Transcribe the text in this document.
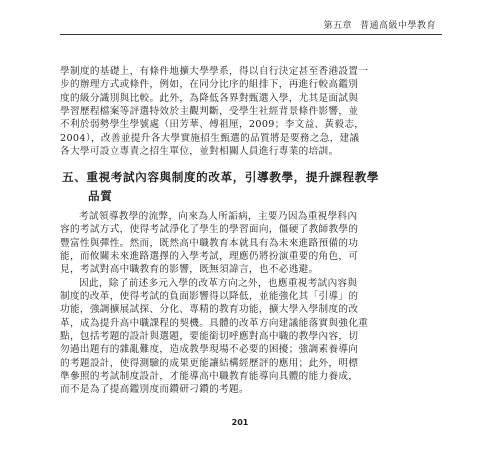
第五章 普通高級中學教育
學制度的基礎上，有條件地擴大學學系，得以自行決定甚至香港設置一
步的辦理方式或條件，例如，在同分比序的組排下，再進行較高鑑別
度的級分識別與比較。此外，為降低各界對甄選入學，尤其是面試與
學習歷程檔案等評選特效於主觀判斷，受學生社經背景條件影響，並
不利於弱勢學生學號處（田芳華、傅祖厘，2009；李文益、黃毅志，
2004），改善並提升各大學實施招生甄選的品質將是要務之急，建議
各大學可設立專責之招生單位，並對相關人員進行專業的培訓。
五、重視考試內容與制度的改革，引導教學，提升課程教學
品質
考試領導教學的流弊，向來為人所詬病，主要乃因為重視學科內
容的考試方式，使得考試淨化了學生的學習面向，僵硬了教師教學的
豐富性與彈性。然而，既然高中職教育本就具有為未來進路預備的功
能，而攸關未來進路選擇的入學考試，理應仍將扮演重要的角色，可
見，考試對高中職教育的影響，既無須諱言，也不必逃避。
因此，除了前述多元入學的改革方向之外，也應重視考試內容與
制度的改革，使得考試的負面影響得以降低，並能強化其「引導」的
功能，強調擴展試探、分化、專精的教育功能，擴大學入學制度的改
革，成為提升高中職課程的契機。具體的改革方向建議能落實與強化重
點，包括考題的設計與選題，要能銜切呼應對高中職的教學內容，切
勿過出題有的雜亂難度，造成教學現場不必要的困擾；強調素養導向
的考題設計，使得測驗的成果更能讓結構經歷評的應用；此外，明標
準參照的考試制度設計，才能導高中職教育能導向具體的能力養成，
而不是為了提高鑑別度而鑽研刁鑽的考題。
201
